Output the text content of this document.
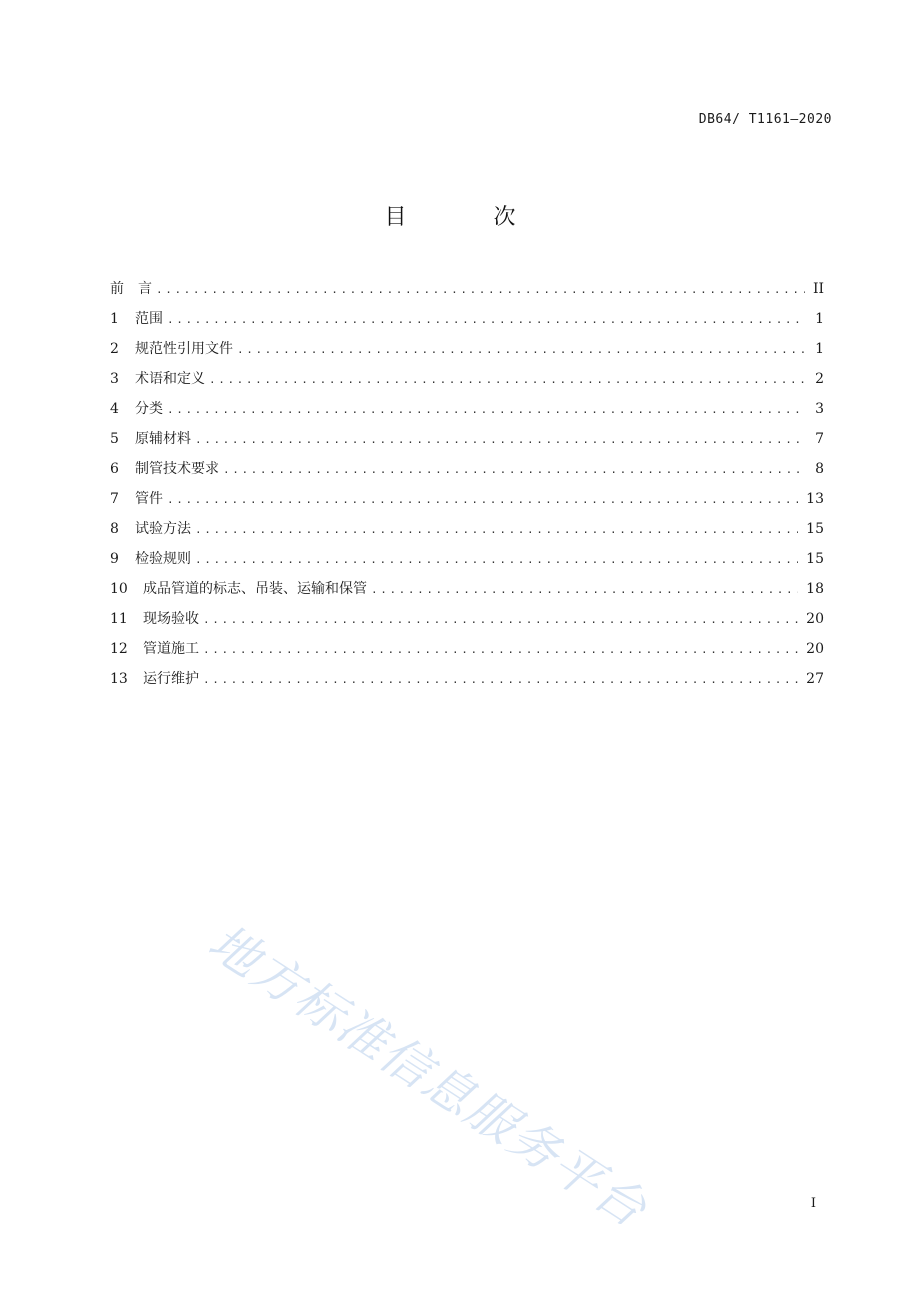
DB64/ T1161—2020
目 次
前　言 .....	II
1	范围 .....	1
2	规范性引用文件 .....	1
3	术语和定义 .....	2
4	分类 .....	3
5	原辅材料 .....	7
6	制管技术要求 .....	8
7	管件 .....	13
8	试验方法 .....	15
9	检验规则 .....	15
10	成品管道的标志、吊装、运输和保管 .....	18
11	现场验收 .....	20
12	管道施工 .....	20
13	运行维护 .....	27
地方标准信息服务平台	I
